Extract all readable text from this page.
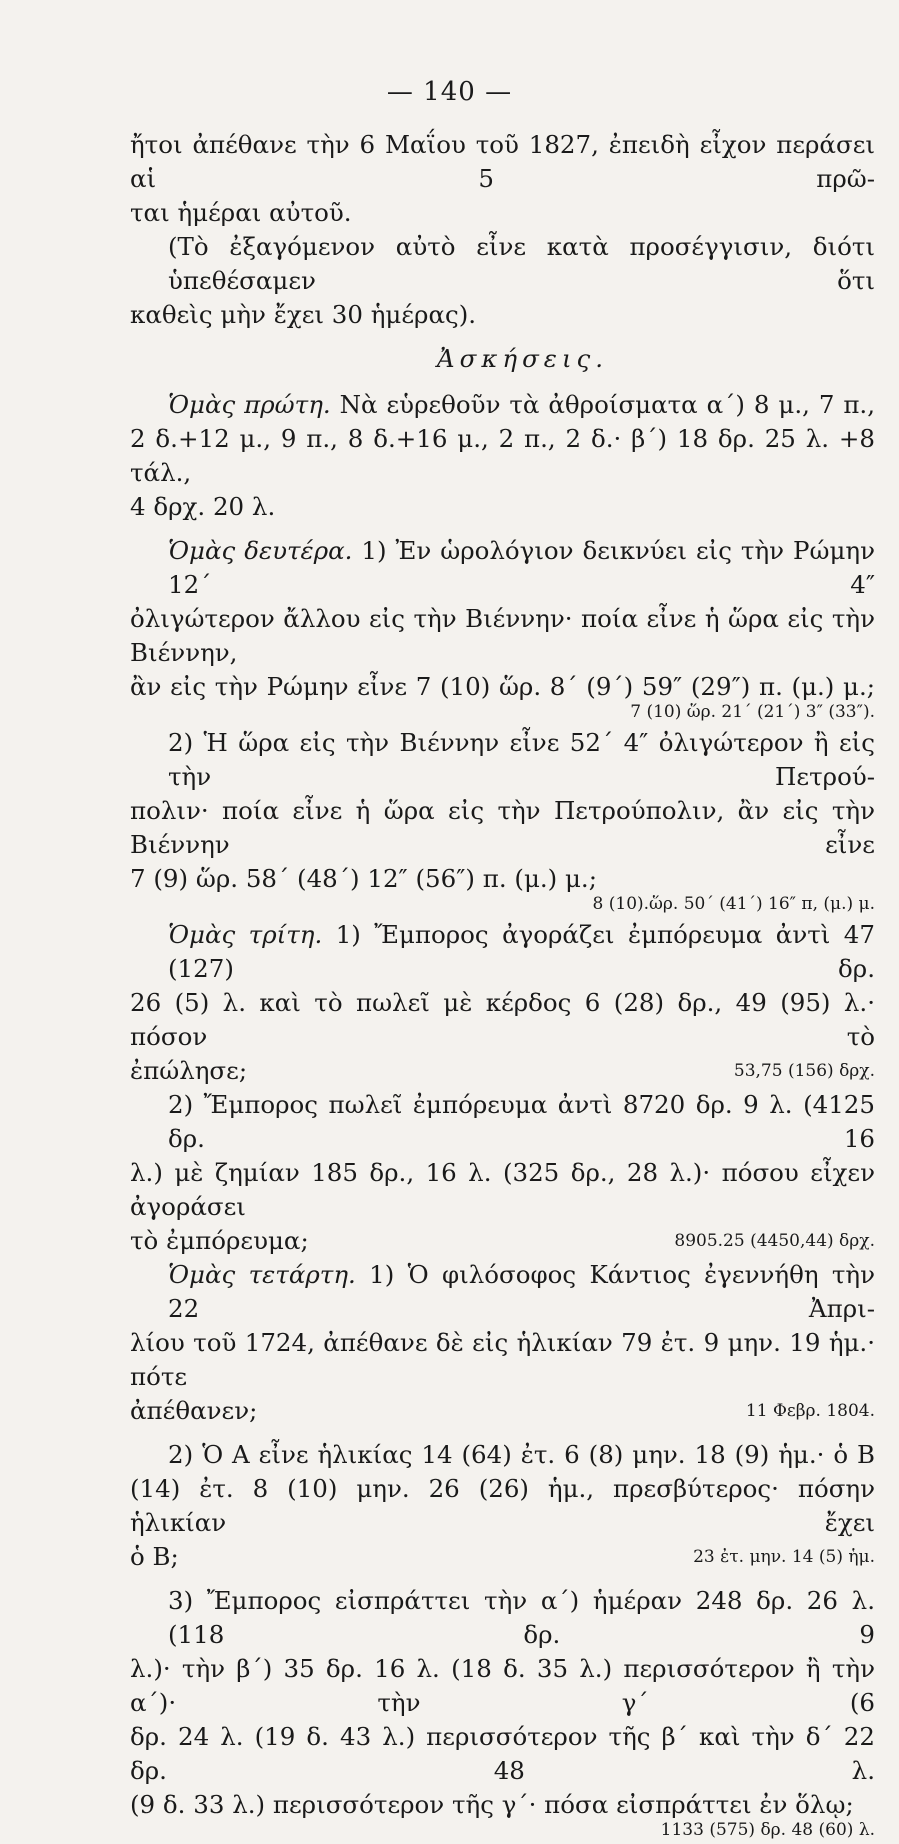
— 140 —
ἤτοι ἀπέθανε τὴν 6 Μαΐου τοῦ 1827, ἐπειδὴ εἶχον περάσει αἱ 5 πρῶ-
ται ἡμέραι αὐτοῦ.
(Τὸ ἐξαγόμενον αὐτὸ εἶνε κατὰ προσέγγισιν, διότι ὑπεθέσαμεν ὅτι
καθεὶς μὴν ἔχει 30 ἡμέρας).
Ἀσκήσεις.
Ὁμὰς πρώτη. Νὰ εὑρεθοῦν τὰ ἀθροίσματα α΄) 8 μ., 7 π.,
2 δ.+12 μ., 9 π., 8 δ.+16 μ., 2 π., 2 δ.· β΄) 18 δρ. 25 λ. +8 τάλ.,
4 δρχ. 20 λ.
Ὁμὰς δευτέρα. 1) Ἐν ὡρολόγιον δεικνύει εἰς τὴν Ρώμην 12΄ 4″
ὀλιγώτερον ἄλλου εἰς τὴν Βιέννην· ποία εἶνε ἡ ὥρα εἰς τὴν Βιέννην,
ἂν εἰς τὴν Ρώμην εἶνε 7 (10) ὥρ. 8΄ (9΄) 59″ (29″) π. (μ.) μ.;
7 (10) ὥρ. 21΄ (21΄) 3″ (33″).
2) Ἡ ὥρα εἰς τὴν Βιέννην εἶνε 52΄ 4″ ὀλιγώτερον ἢ εἰς τὴν Πετρού-
πολιν· ποία εἶνε ἡ ὥρα εἰς τὴν Πετρούπολιν, ἂν εἰς τὴν Βιέννην εἶνε
7 (9) ὥρ. 58΄ (48΄) 12″ (56″) π. (μ.) μ.;
8 (10).ὥρ. 50΄ (41΄) 16″ π, (μ.) μ.
Ὁμὰς τρίτη. 1) Ἔμπορος ἀγοράζει ἐμπόρευμα ἀντὶ 47 (127) δρ.
26 (5) λ. καὶ τὸ πωλεῖ μὲ κέρδος 6 (28) δρ., 49 (95) λ.· πόσον τὸ
ἐπώλησε;	53,75 (156) δρχ.
2) Ἔμπορος πωλεῖ ἐμπόρευμα ἀντὶ 8720 δρ. 9 λ. (4125 δρ. 16
λ.) μὲ ζημίαν 185 δρ., 16 λ. (325 δρ., 28 λ.)· πόσου εἶχεν ἀγοράσει
τὸ ἐμπόρευμα;	8905.25 (4450,44) δρχ.
Ὁμὰς τετάρτη. 1) Ὁ φιλόσοφος Κάντιος ἐγεννήθη τὴν 22 Ἀπρι-
λίου τοῦ 1724, ἀπέθανε δὲ εἰς ἡλικίαν 79 ἐτ. 9 μην. 19 ἡμ.· πότε
ἀπέθανεν;	11 Φεβρ. 1804.
2) Ὁ Α εἶνε ἡλικίας 14 (64) ἐτ. 6 (8) μην. 18 (9) ἡμ.· ὁ Β
(14) ἐτ. 8 (10) μην. 26 (26) ἡμ., πρεσβύτερος· πόσην ἡλικίαν ἔχει
ὁ Β;	23 ἐτ. μην. 14 (5) ἡμ.
3) Ἔμπορος εἰσπράττει τὴν α΄) ἡμέραν 248 δρ. 26 λ. (118 δρ. 9
λ.)· τὴν β΄) 35 δρ. 16 λ. (18 δ. 35 λ.) περισσότερον ἢ τὴν α΄)· τὴν γ΄ (6
δρ. 24 λ. (19 δ. 43 λ.) περισσότερον τῆς β΄ καὶ τὴν δ΄ 22 δρ. 48 λ.
(9 δ. 33 λ.) περισσότερον τῆς γ΄· πόσα εἰσπράττει ἐν ὅλῳ;
1133 (575) δρ. 48 (60) λ.
